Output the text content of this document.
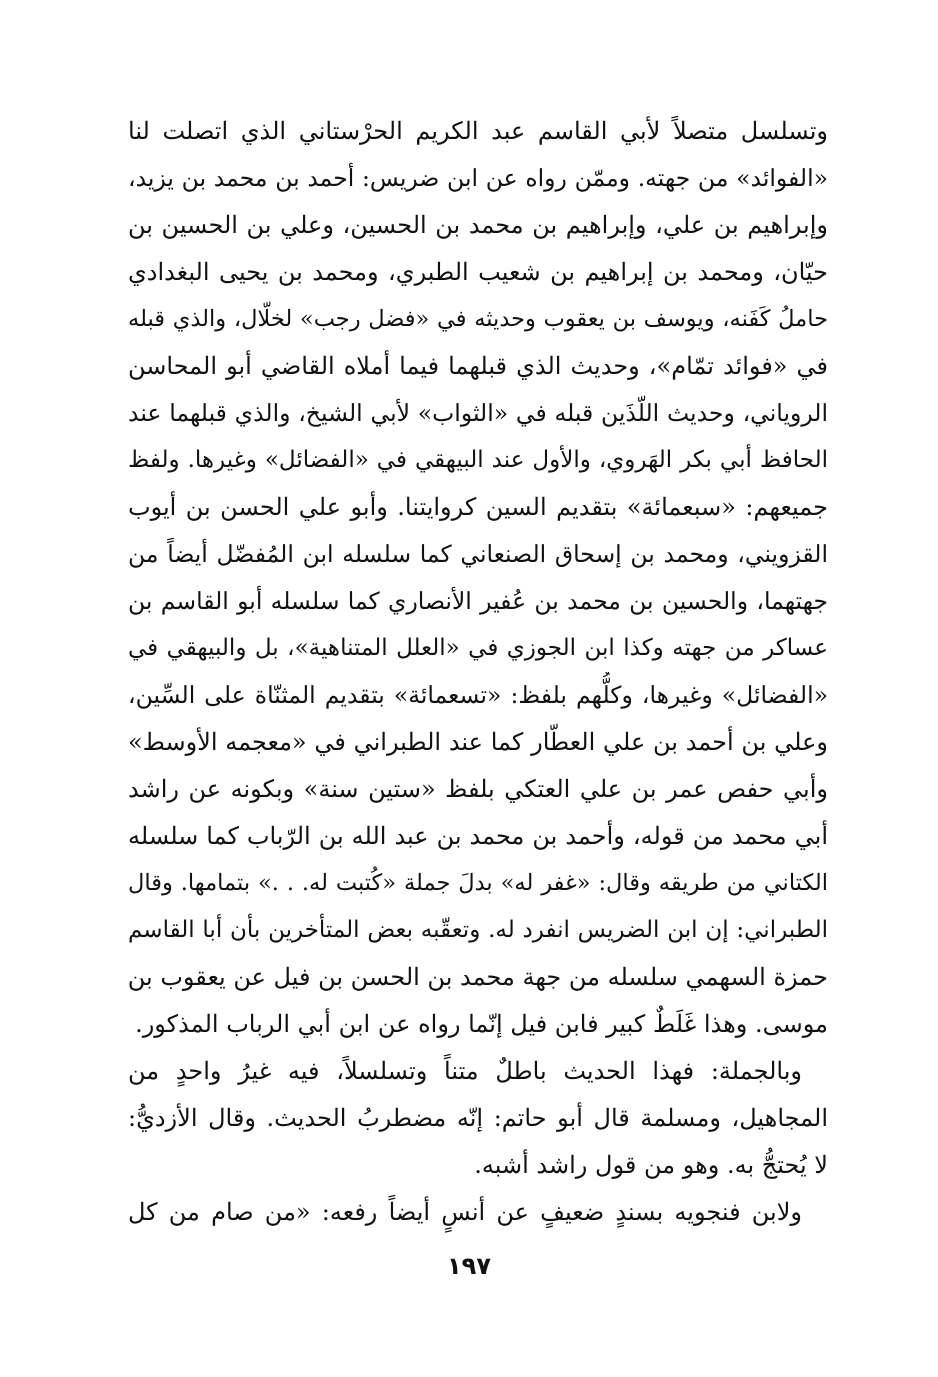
وتسلسل متصلاً لأبي القاسم عبد الكريم الحرْستاني الذي اتصلت لنا
«الفوائد» من جهته. وممّن رواه عن ابن ضريس: أحمد بن محمد بن يزيد،
وإبراهيم بن علي، وإبراهيم بن محمد بن الحسين، وعلي بن الحسين بن
حيّان، ومحمد بن إبراهيم بن شعيب الطبري، ومحمد بن يحيى البغدادي
حاملُ كَفَنه، ويوسف بن يعقوب وحديثه في «فضل رجب» لخلّال، والذي قبله
في «فوائد تمّام»، وحديث الذي قبلهما فيما أملاه القاضي أبو المحاسن
الروياني، وحديث اللّذَين قبله في «الثواب» لأبي الشيخ، والذي قبلهما عند
الحافظ أبي بكر الهَروي، والأول عند البيهقي في «الفضائل» وغيرها. ولفظ
جميعهم: «سبعمائة» بتقديم السين كروايتنا. وأبو علي الحسن بن أيوب
القزويني، ومحمد بن إسحاق الصنعاني كما سلسله ابن المُفضّل أيضاً من
جهتهما، والحسين بن محمد بن عُفير الأنصاري كما سلسله أبو القاسم بن
عساكر من جهته وكذا ابن الجوزي في «العلل المتناهية»، بل والبيهقي في
«الفضائل» وغيرها، وكلُّهم بلفظ: «تسعمائة» بتقديم المثنّاة على السِّين،
وعلي بن أحمد بن علي العطّار كما عند الطبراني في «معجمه الأوسط»
وأبي حفص عمر بن علي العتكي بلفظ «ستين سنة» وبكونه عن راشد
أبي محمد من قوله، وأحمد بن محمد بن عبد الله بن الرّباب كما سلسله
الكتاني من طريقه وقال: «غفر له» بدلَ جملة «كُتبت له. . .» بتمامها. وقال
الطبراني: إن ابن الضريس انفرد له. وتعقّبه بعض المتأخرين بأن أبا القاسم
حمزة السهمي سلسله من جهة محمد بن الحسن بن فيل عن يعقوب بن
موسى. وهذا غَلَطٌ كبير فابن فيل إنّما رواه عن ابن أبي الرباب المذكور.
وبالجملة: فهذا الحديث باطلٌ متناً وتسلسلاً، فيه غيرُ واحدٍ من
المجاهيل، ومسلمة قال أبو حاتم: إنّه مضطربُ الحديث. وقال الأزديُّ:
لا يُحتجُّ به. وهو من قول راشد أشبه.
ولابن فنجويه بسندٍ ضعيفٍ عن أنسٍ أيضاً رفعه: «من صام من كل
١٩٧
